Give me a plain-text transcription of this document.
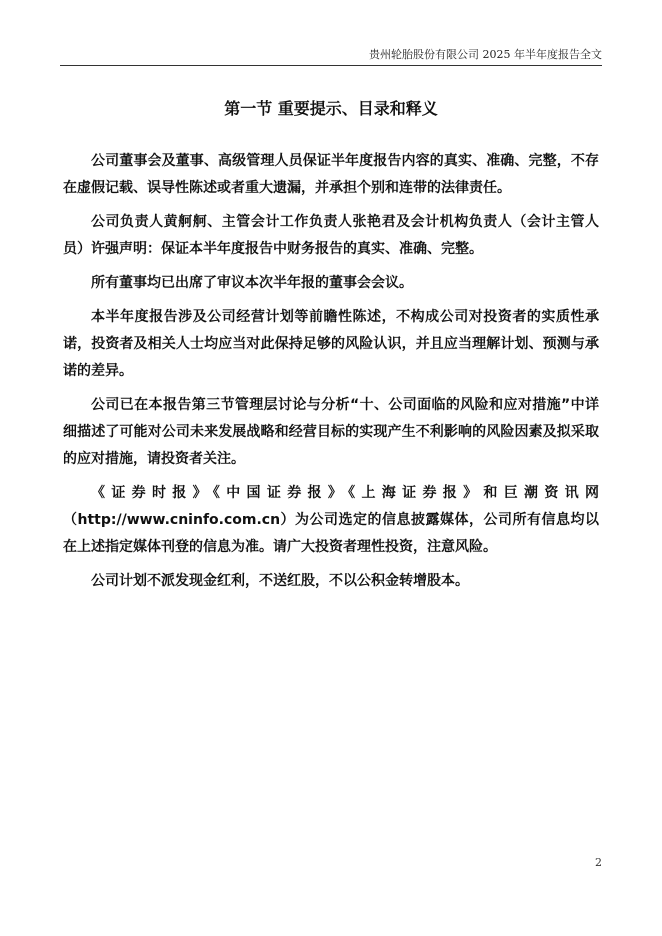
贵州轮胎股份有限公司 2025 年半年度报告全文
第一节 重要提示、目录和释义

公司董事会及董事、高级管理人员保证半年度报告内容的真实、准确、完整，不存在虚假记载、误导性陈述或者重大遗漏，并承担个别和连带的法律责任。

公司负责人黄舸舸、主管会计工作负责人张艳君及会计机构负责人（会计主管人员）许强声明：保证本半年度报告中财务报告的真实、准确、完整。

所有董事均已出席了审议本次半年报的董事会会议。

本半年度报告涉及公司经营计划等前瞻性陈述，不构成公司对投资者的实质性承诺，投资者及相关人士均应当对此保持足够的风险认识，并且应当理解计划、预测与承诺的差异。

公司已在本报告第三节管理层讨论与分析“十、公司面临的风险和应对措施”中详细描述了可能对公司未来发展战略和经营目标的实现产生不利影响的风险因素及拟采取的应对措施，请投资者关注。

《证券时报》《中国证券报》《上海证券报》和巨潮资讯网（http://www.cninfo.com.cn）为公司选定的信息披露媒体，公司所有信息均以在上述指定媒体刊登的信息为准。请广大投资者理性投资，注意风险。

公司计划不派发现金红利，不送红股，不以公积金转增股本。

2
